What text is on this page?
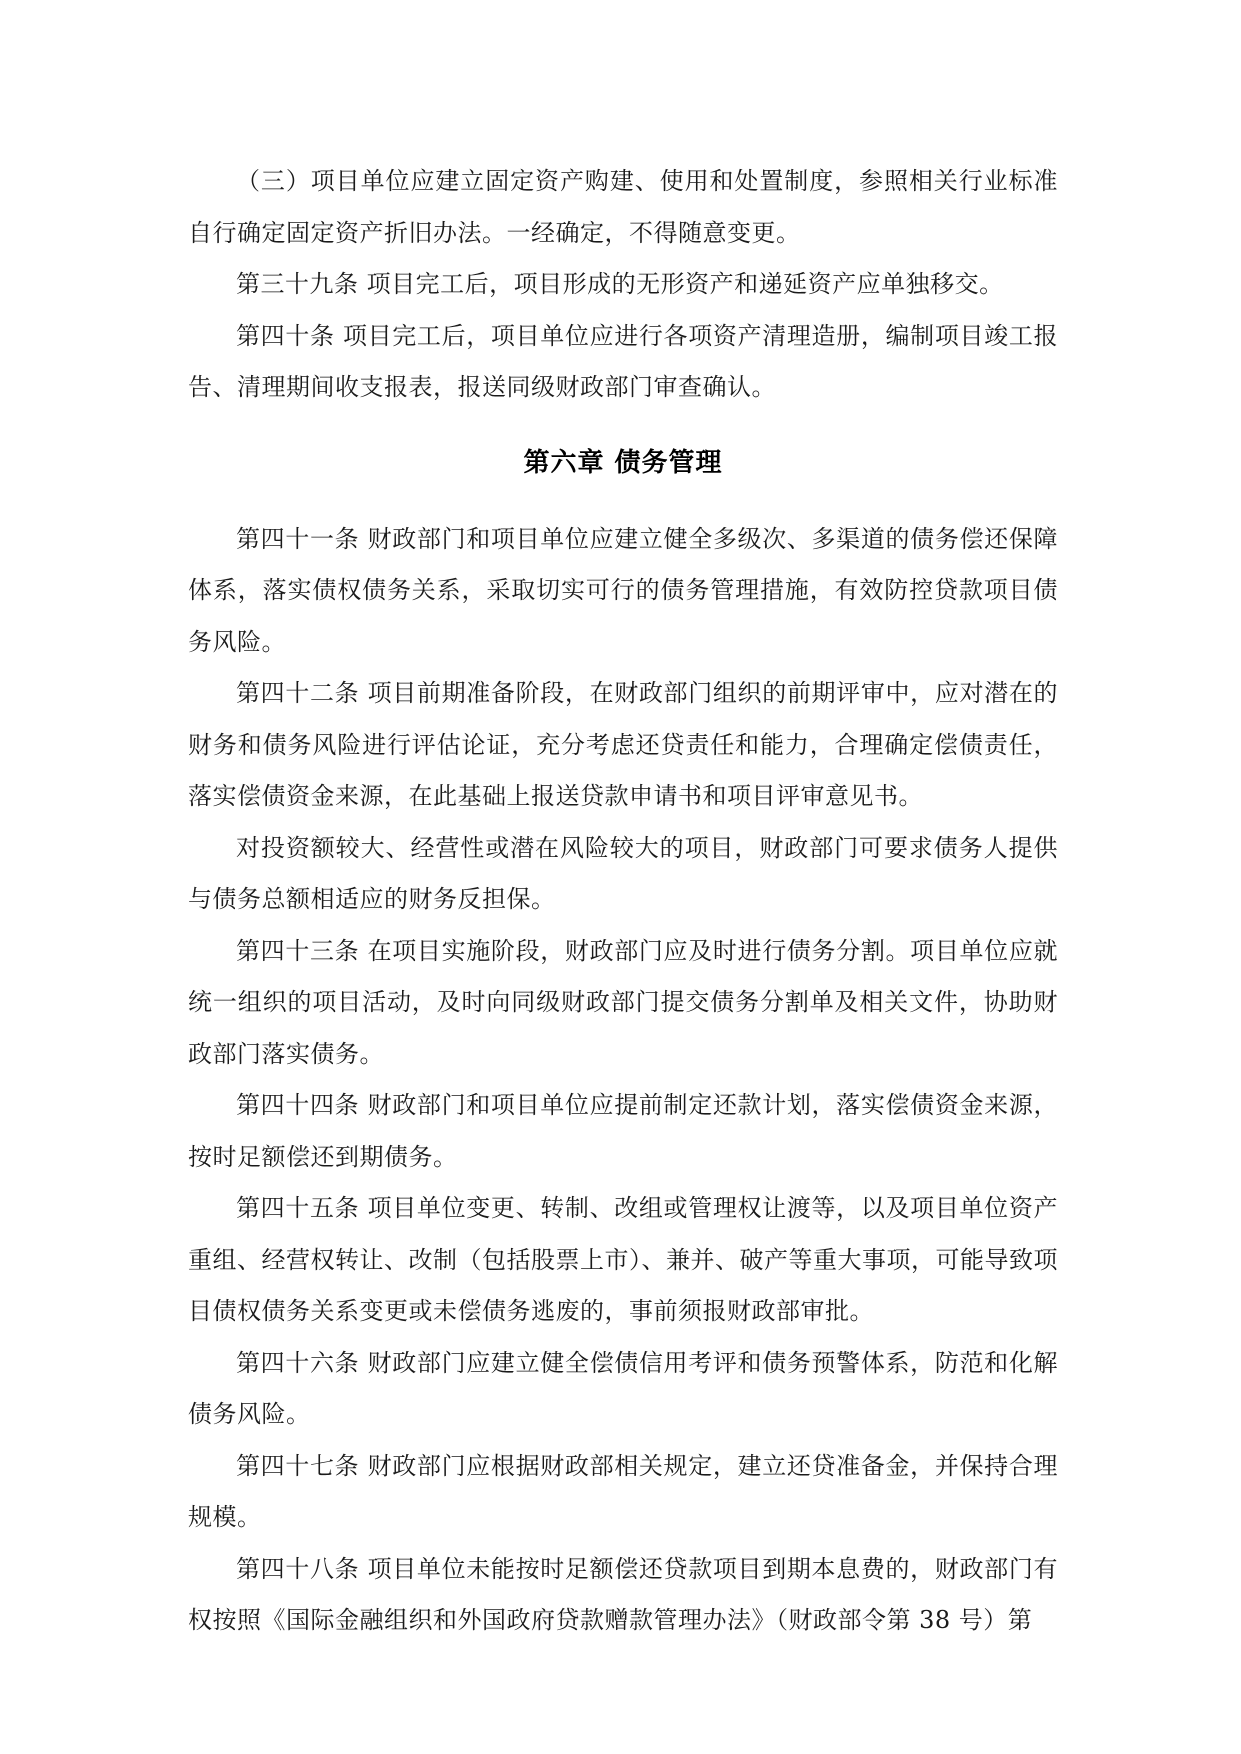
（三）项目单位应建立固定资产购建、使用和处置制度，参照相关行业标准自行确定固定资产折旧办法。一经确定，不得随意变更。

第三十九条 项目完工后，项目形成的无形资产和递延资产应单独移交。

第四十条 项目完工后，项目单位应进行各项资产清理造册，编制项目竣工报告、清理期间收支报表，报送同级财政部门审查确认。

第六章 债务管理

第四十一条 财政部门和项目单位应建立健全多级次、多渠道的债务偿还保障体系，落实债权债务关系，采取切实可行的债务管理措施，有效防控贷款项目债务风险。

第四十二条 项目前期准备阶段，在财政部门组织的前期评审中，应对潜在的财务和债务风险进行评估论证，充分考虑还贷责任和能力，合理确定偿债责任，落实偿债资金来源，在此基础上报送贷款申请书和项目评审意见书。

对投资额较大、经营性或潜在风险较大的项目，财政部门可要求债务人提供与债务总额相适应的财务反担保。

第四十三条 在项目实施阶段，财政部门应及时进行债务分割。项目单位应就统一组织的项目活动，及时向同级财政部门提交债务分割单及相关文件，协助财政部门落实债务。

第四十四条 财政部门和项目单位应提前制定还款计划，落实偿债资金来源，按时足额偿还到期债务。

第四十五条 项目单位变更、转制、改组或管理权让渡等，以及项目单位资产重组、经营权转让、改制（包括股票上市）、兼并、破产等重大事项，可能导致项目债权债务关系变更或未偿债务逃废的，事前须报财政部审批。

第四十六条 财政部门应建立健全偿债信用考评和债务预警体系，防范和化解债务风险。

第四十七条 财政部门应根据财政部相关规定，建立还贷准备金，并保持合理规模。

第四十八条 项目单位未能按时足额偿还贷款项目到期本息费的，财政部门有权按照《国际金融组织和外国政府贷款赠款管理办法》（财政部令第 38 号）第
